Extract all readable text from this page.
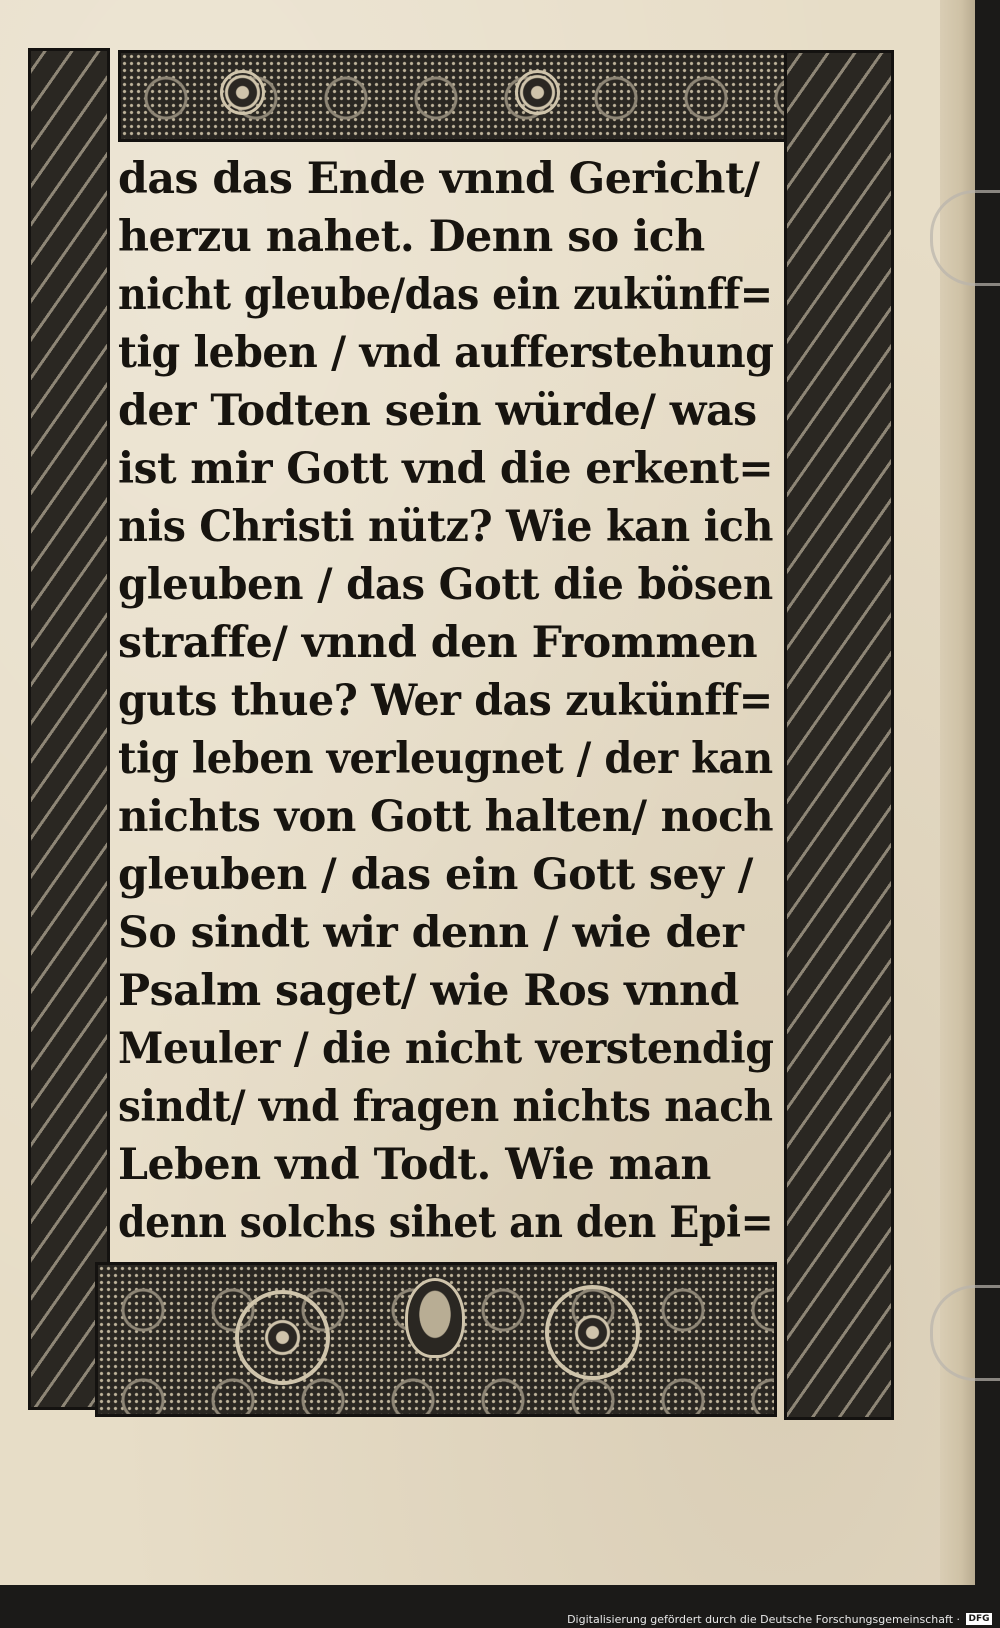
das das Ende vnnd Gericht/
herzu nahet. Denn so ich
nicht gleube/das ein zukünff=
tig leben / vnd aufferstehung
der Todten sein würde/ was
ist mir Gott vnd die erkent=
nis Christi nütz? Wie kan ich
gleuben / das Gott die bösen
straffe/ vnnd den Frommen
guts thue? Wer das zukünff=
tig leben verleugnet / der kan
nichts von Gott halten/ noch
gleuben / das ein Gott sey /
So sindt wir denn / wie der
Psalm saget/ wie Ros vnnd
Meuler / die nicht verstendig
sindt/ vnd fragen nichts nach
Leben vnd Todt. Wie man
denn solchs sihet an den Epi=
Digitalisierung gefördert durch die Deutsche Forschungsgemeinschaft · DFG
